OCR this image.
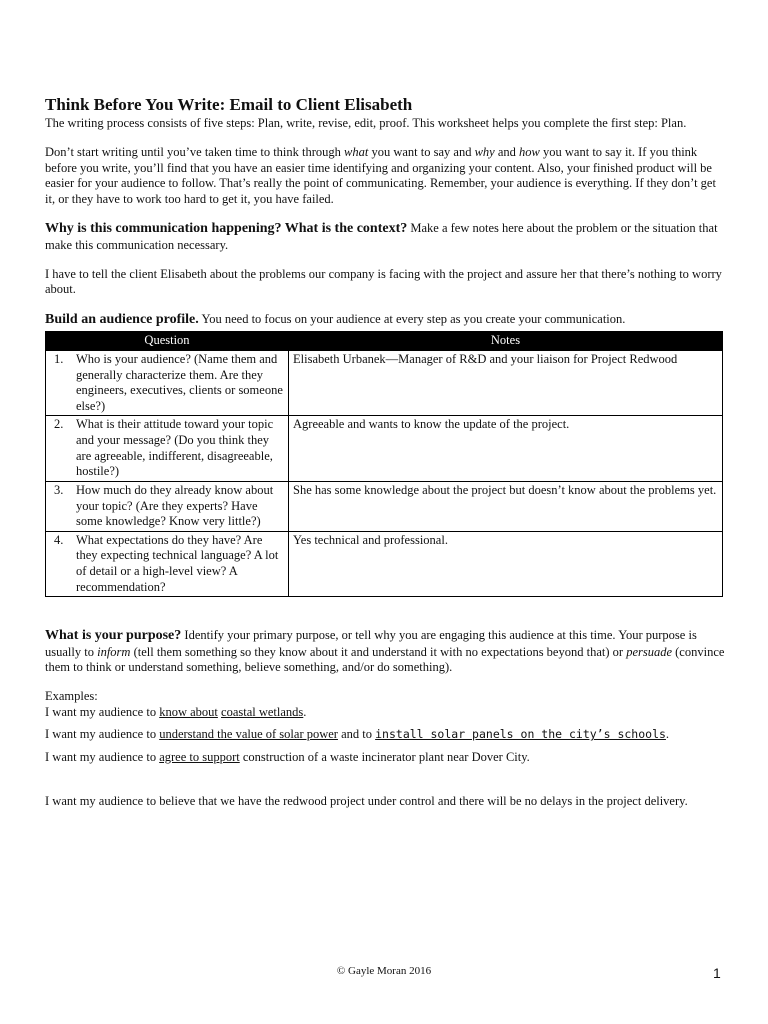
Think Before You Write: Email to Client Elisabeth

The writing process consists of five steps: Plan, write, revise, edit, proof. This worksheet helps you complete the first step: Plan.

Don’t start writing until you’ve taken time to think through what you want to say and why and how you want to say it. If you think before you write, you’ll find that you have an easier time identifying and organizing your content. Also, your finished product will be easier for your audience to follow. That’s really the point of communicating. Remember, your audience is everything. If they don’t get it, or they have to work too hard to get it, you have failed.

Why is this communication happening? What is the context? Make a few notes here about the problem or the situation that make this communication necessary.

I have to tell the client Elisabeth about the problems our company is facing with the project and assure her that there’s nothing to worry about.

Build an audience profile. You need to focus on your audience at every step as you create your communication.

Question	Notes

1. Who is your audience? (Name them and generally characterize them. Are they engineers, executives, clients or someone else?)	Elisabeth Urbanek—Manager of R&D and your liaison for Project Redwood

2. What is their attitude toward your topic and your message? (Do you think they are agreeable, indifferent, disagreeable, hostile?)	Agreeable and wants to know the update of the project.

3. How much do they already know about your topic? (Are they experts? Have some knowledge? Know very little?)	She has some knowledge about the project but doesn’t know about the problems yet.

4. What expectations do they have? Are they expecting technical language? A lot of detail or a high-level view? A recommendation?	Yes technical and professional.

What is your purpose? Identify your primary purpose, or tell why you are engaging this audience at this time. Your purpose is usually to inform (tell them something so they know about it and understand it with no expectations beyond that) or persuade (convince them to think or understand something, believe something, and/or do something).

Examples:

I want my audience to know about coastal wetlands.

I want my audience to understand the value of solar power and to install solar panels on the city’s schools.

I want my audience to agree to support construction of a waste incinerator plant near Dover City.

I want my audience to believe that we have the redwood project under control and there will be no delays in the project delivery.

© Gayle Moran 2016	1
